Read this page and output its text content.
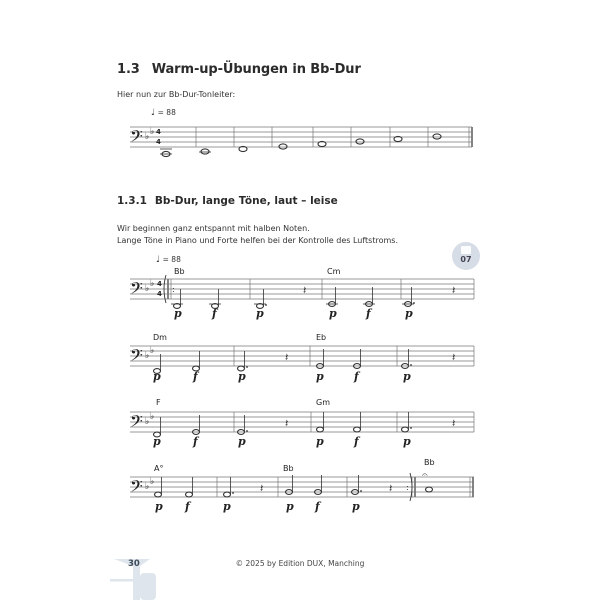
1.3 Warm-up-Übungen in Bb-Dur
Hier nun zur Bb-Dur-Tonleiter:
♩ = 88
1.3.1 Bb-Dur, lange Töne, laut – leise
Wir beginnen ganz entspannt mit halben Noten.
Lange Töne in Piano und Forte helfen bei der Kontrolle des Luftstroms.
♩ = 88	07
Bb	Cm
Dm	Eb
F	Gm
A°	Bb
Bb
p	f	p	p	f	p
p	f	p	p	f	p
p	f	p	p	f	p
p f	p	p f	p
𝄢 ♭ ♭ 4
4
𝄢 ♭ ♭ 4
4 :
𝄢 ♭ ♭
𝄢 ♭ ♭
𝄢 ♭ ♭
:
𝄽	𝄽
𝄽	𝄽
𝄽	𝄽
𝄽	𝄽
𝄐
30	© 2025 by Edition DUX, Manching
